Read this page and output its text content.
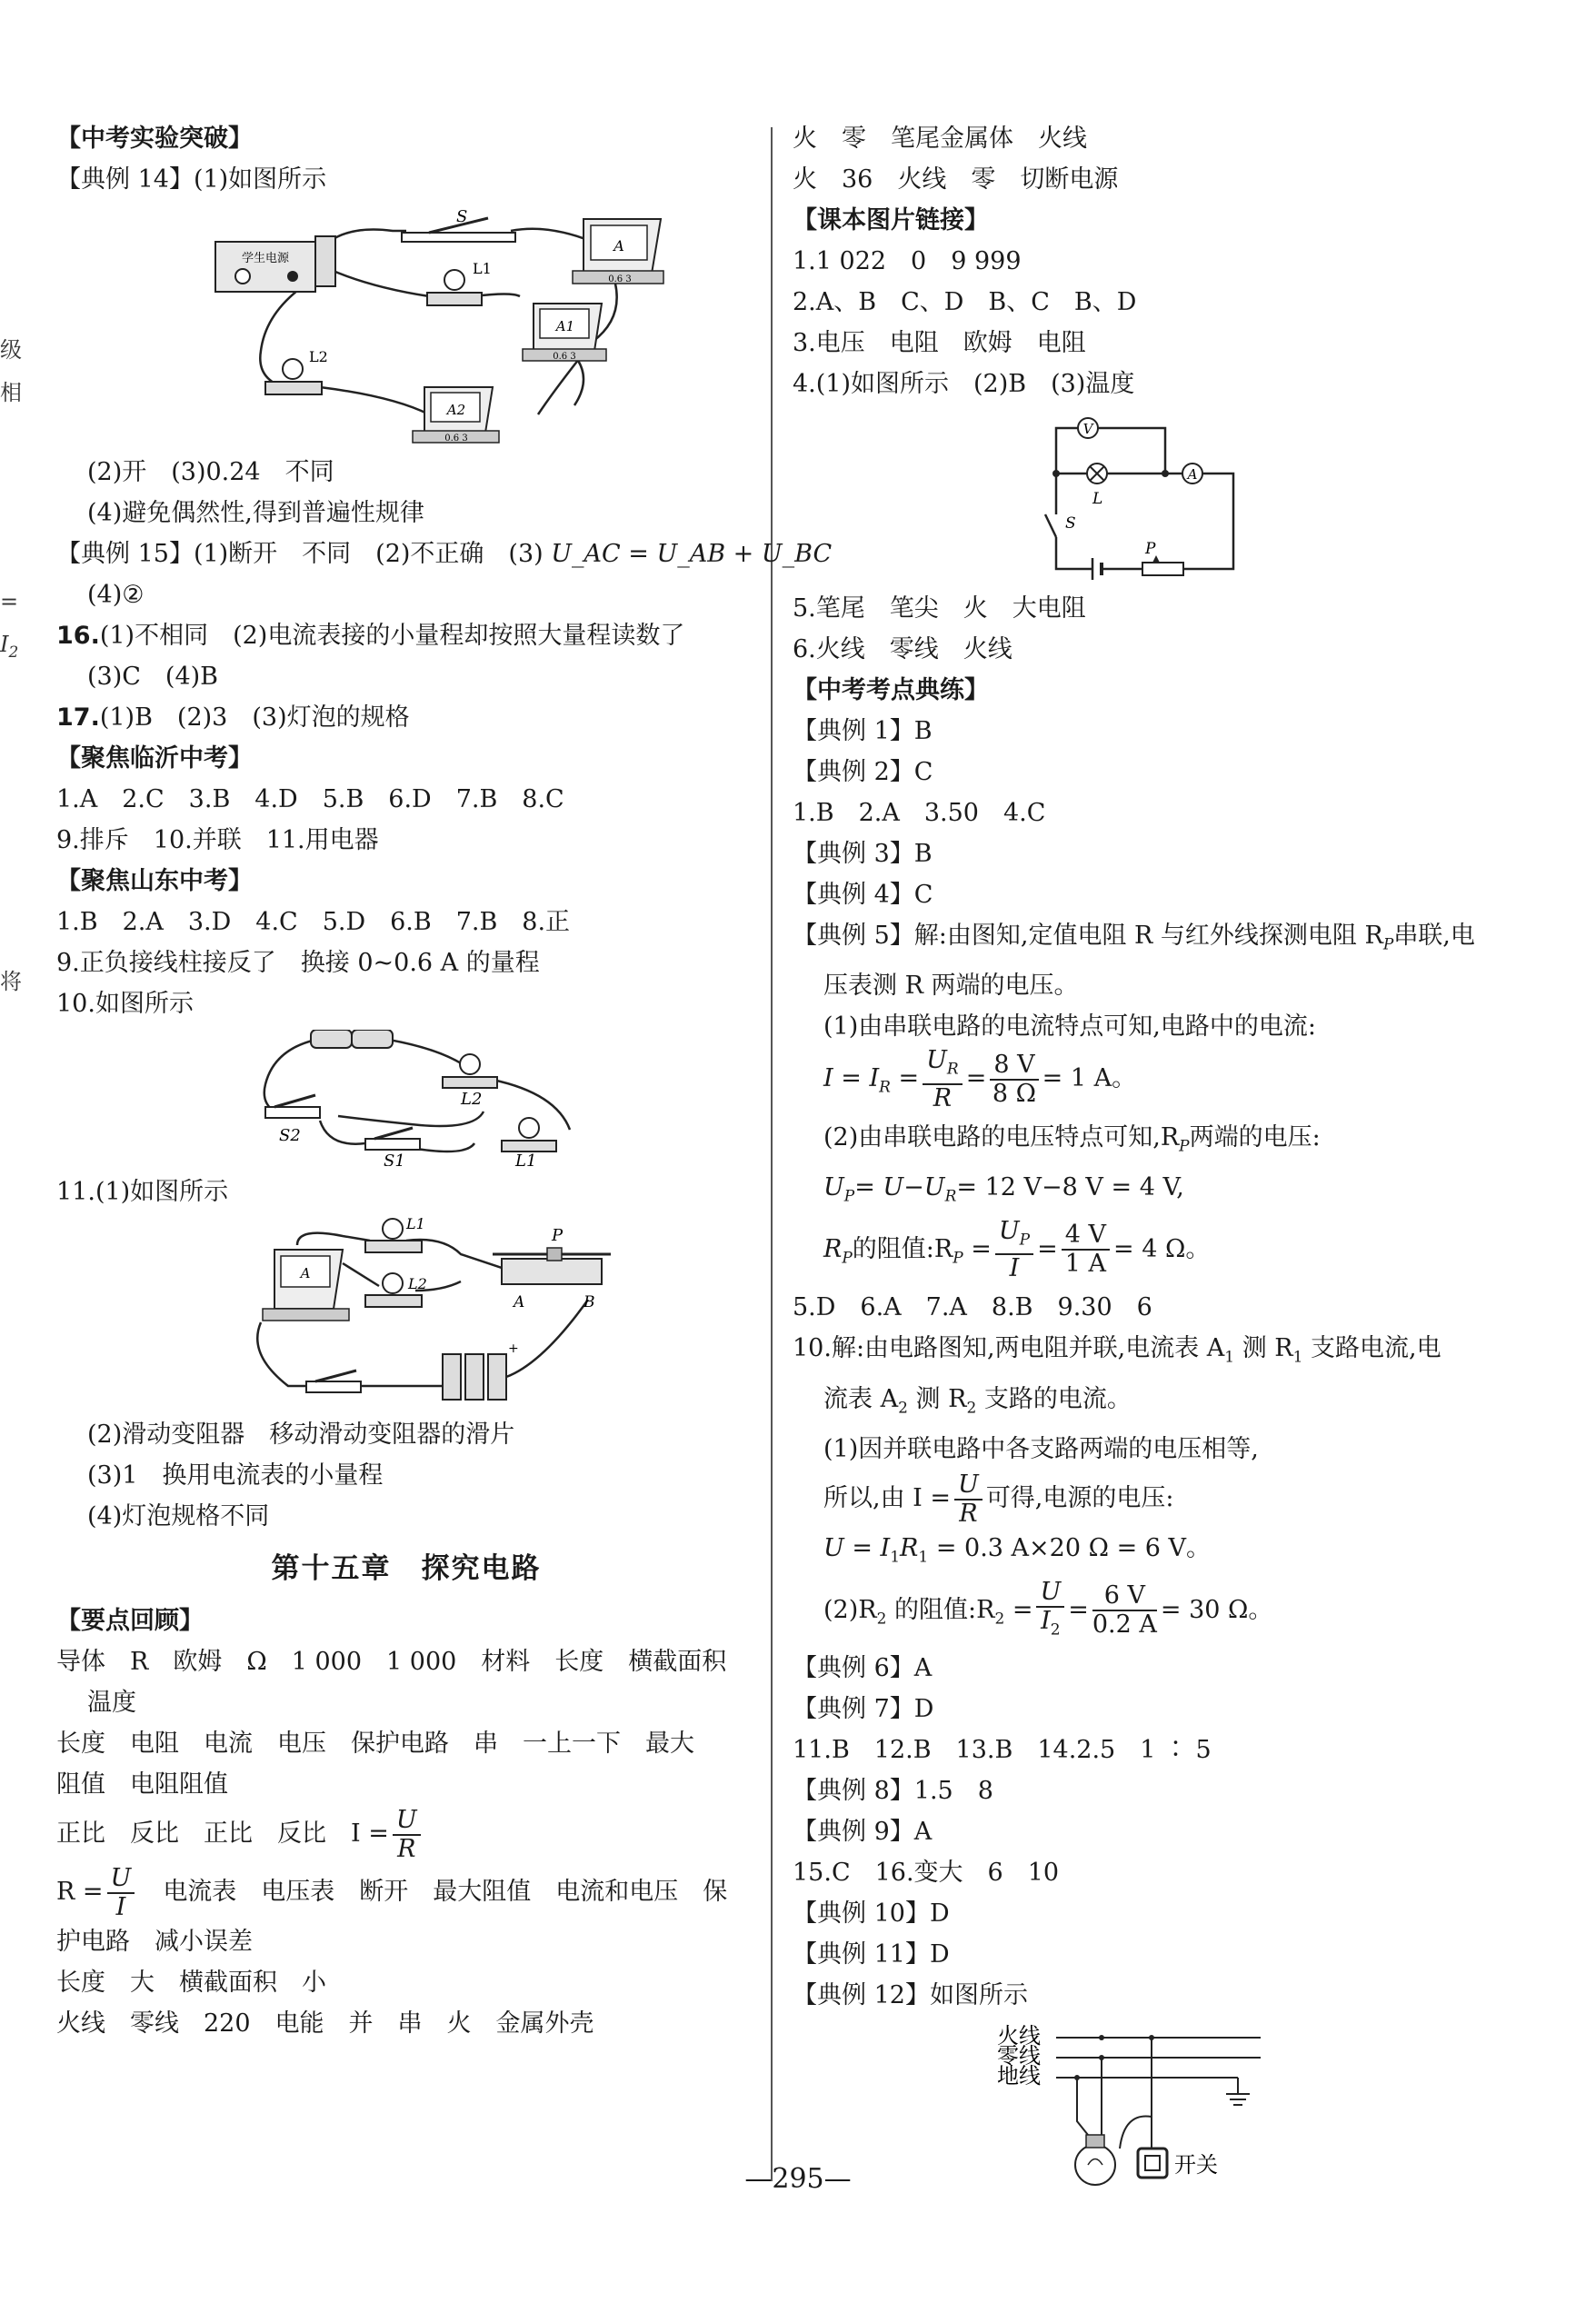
级
相
=
$I_2$
将
【中考实验突破】
【典例 14】(1)如图所示
学生电源
S
A
0.6 3
L1
A1
0.6 3
L2
A2
0.6 3
(2)开　(3)0.24　不同
(4)避免偶然性,得到普遍性规律
【典例 15】(1)断开　不同　(2)不正确　(3) U_AC = U_AB + U_BC
(4)②
16.(1)不相同　(2)电流表接的小量程却按照大量程读数了
(3)C　(4)B
17.(1)B　(2)3　(3)灯泡的规格
【聚焦临沂中考】
1.A　2.C　3.B　4.D　5.B　6.D　7.B　8.C
9.排斥　10.并联　11.用电器
【聚焦山东中考】
1.B　2.A　3.D　4.C　5.D　6.B　7.B　8.正
9.正负接线柱接反了　换接 0~0.6 A 的量程
10.如图所示
S2
S1
L2
L1
11.(1)如图所示
A
L1
L2
P
A	B
+
(2)滑动变阻器　移动滑动变阻器的滑片
(3)1　换用电流表的小量程
(4)灯泡规格不同
第十五章　探究电路
【要点回顾】
导体　R　欧姆　Ω　1 000　1 000　材料　长度　横截面积
温度
长度　电阻　电流　电压　保护电路　串　一上一下　最大
阻值　电阻阻值
正比　反比　正比　反比　$I = \frac{U}{R}$
$R = \frac{U}{I}$
　 电流表　电压表　断开　最大阻值　电流和电压　保
护电路　减小误差
长度　大　横截面积　小
火线　零线　220　电能　并　串　火　金属外壳
火　零　笔尾金属体　火线
火　36　火线　零　切断电源
【课本图片链接】
1.1 022　0　9 999
2.A、B　C、D　B、C　B、D
3.电压　电阻　欧姆　电阻
4.(1)如图所示　(2)B　(3)温度
V
A
L
S
P
5.笔尾　笔尖　火　大电阻
6.火线　零线　火线
【中考考点典练】
【典例 1】B
【典例 2】C
1.B　2.A　3.50　4.C
【典例 3】B
【典例 4】C
【典例 5】解:由图知,定值电阻 R 与红外线探测电阻 $R_P$串联,电
压表测 R 两端的电压。
(1)由串联电路的电流特点可知,电路中的电流:
$I = I_R = \frac{U_R}{R} = \frac{8 V}{8 \Omega} = 1$ A。
(2)由串联电路的电压特点可知$,R_P$两端的电压:
$U_P= U-U_R= 12$ V−8 V = 4 V,
$R_P$的阻值$:R_P = \frac{U_P}{I} = \frac{4 V}{1 A} = 4$ Ω。
5.D　6.A　7.A　8.B　9.30　6
10.解:由电路图知,两电阻并联,电流表 $A_1$ 测 $R_1$ 支路电流,电
流表 $A_2$ 测 $R_2$ 支路的电流。
(1)因并联电路中各支路两端的电压相等,
所以,由 $I = \frac{U}{R}$ 可得,电源的电压:
$U = I_1R_1 = 0.3$ A×20 Ω = 6 V。
$(2)R_2$ 的阻值$:R_2 = \frac{U}{I_2} = \frac{6 V}{0.2 A} = 30$ Ω。
【典例 6】A
【典例 7】D
11.B　12.B　13.B　14.2.5　1 ∶ 5
【典例 8】1.5　8
【典例 9】A
15.C　16.变大　6　10
【典例 10】D
【典例 11】D
【典例 12】如图所示
火线
零线
地线
开关
—295—
